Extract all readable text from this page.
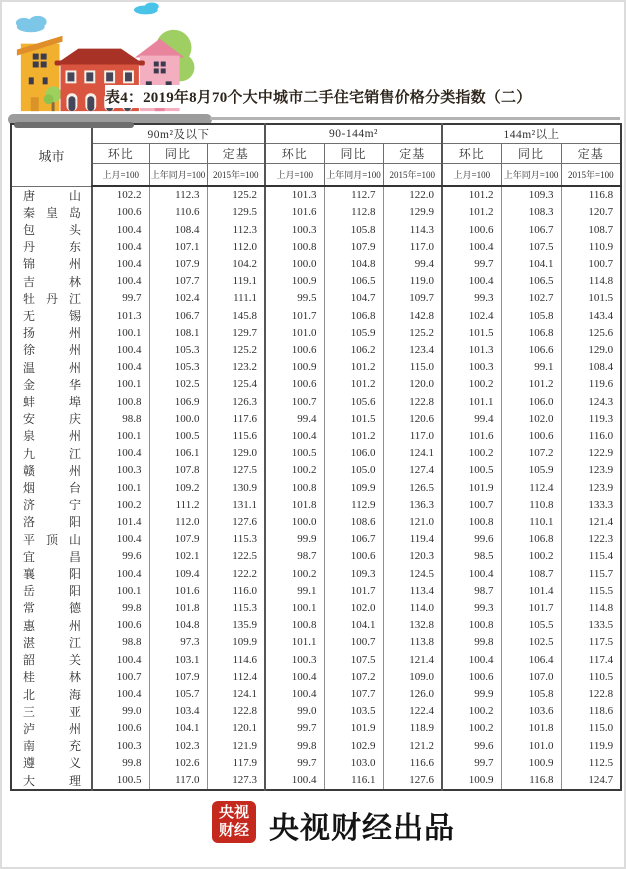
表4：2019年8月70个大中城市二手住宅销售价格分类指数（二）
城市	90m²及以下			90-144m²			144m²以上		
	环比	同比	定基	环比	同比	定基	环比	同比	定基
	上月=100	上年同月=100	2015年=100	上月=100	上年同月=100	2015年=100	上月=100	上年同月=100	2015年=100
唐山	102.2	112.3	125.2	101.3	112.7	122.0	101.2	109.3	116.8
秦皇岛	100.6	110.6	129.5	101.6	112.8	129.9	101.2	108.3	120.7
包头	100.4	108.4	112.3	100.3	105.8	114.3	100.6	106.7	108.7
丹东	100.4	107.1	112.0	100.8	107.9	117.0	100.4	107.5	110.9
锦州	100.4	107.9	104.2	100.0	104.8	99.4	99.7	104.1	100.7
吉林	100.4	107.7	119.1	100.9	106.5	119.0	100.4	106.5	114.8
牡丹江	99.7	102.4	111.1	99.5	104.7	109.7	99.3	102.7	101.5
无锡	101.3	106.7	145.8	101.7	106.8	142.8	102.4	105.8	143.4
扬州	100.1	108.1	129.7	101.0	105.9	125.2	101.5	106.8	125.6
徐州	100.4	105.3	125.2	100.6	106.2	123.4	101.3	106.6	129.0
温州	100.4	105.3	123.2	100.9	101.2	115.0	100.3	99.1	108.4
金华	100.1	102.5	125.4	100.6	101.2	120.0	100.2	101.2	119.6
蚌埠	100.8	106.9	126.3	100.7	105.6	122.8	101.1	106.0	124.3
安庆	98.8	100.0	117.6	99.4	101.5	120.6	99.4	102.0	119.3
泉州	100.1	100.5	115.6	100.4	101.2	117.0	101.6	100.6	116.0
九江	100.4	106.1	129.0	100.5	106.0	124.1	100.2	107.2	122.9
赣州	100.3	107.8	127.5	100.2	105.0	127.4	100.5	105.9	123.9
烟台	100.1	109.2	130.9	100.8	109.9	126.5	101.9	112.4	123.9
济宁	100.2	111.2	131.1	101.8	112.9	136.3	100.7	110.8	133.3
洛阳	101.4	112.0	127.6	100.0	108.6	121.0	100.8	110.1	121.4
平顶山	100.4	107.9	115.3	99.9	106.7	119.4	99.6	106.8	122.3
宜昌	99.6	102.1	122.5	98.7	100.6	120.3	98.5	100.2	115.4
襄阳	100.4	109.4	122.2	100.2	109.3	124.5	100.4	108.7	115.7
岳阳	100.1	101.6	116.0	99.1	101.7	113.4	98.7	101.4	115.5
常德	99.8	101.8	115.3	100.1	102.0	114.0	99.3	101.7	114.8
惠州	100.6	104.8	135.9	100.8	104.1	132.8	100.8	105.5	133.5
湛江	98.8	97.3	109.9	101.1	100.7	113.8	99.8	102.5	117.5
韶关	100.4	103.1	114.6	100.3	107.5	121.4	100.4	106.4	117.4
桂林	100.7	107.9	112.4	100.4	107.2	109.0	100.6	107.0	110.5
北海	100.4	105.7	124.1	100.4	107.7	126.0	99.9	105.8	122.8
三亚	99.0	103.4	122.8	99.0	103.5	122.4	100.2	103.6	118.6
泸州	100.6	104.1	120.1	99.7	101.9	118.9	100.2	101.8	115.0
南充	100.3	102.3	121.9	99.8	102.9	121.2	99.6	101.0	119.9
遵义	99.8	102.6	117.9	99.7	103.0	116.6	99.7	100.9	112.5
大理	100.5	117.0	127.3	100.4	116.1	127.6	100.9	116.8	124.7
央视
财经 央视财经出品
